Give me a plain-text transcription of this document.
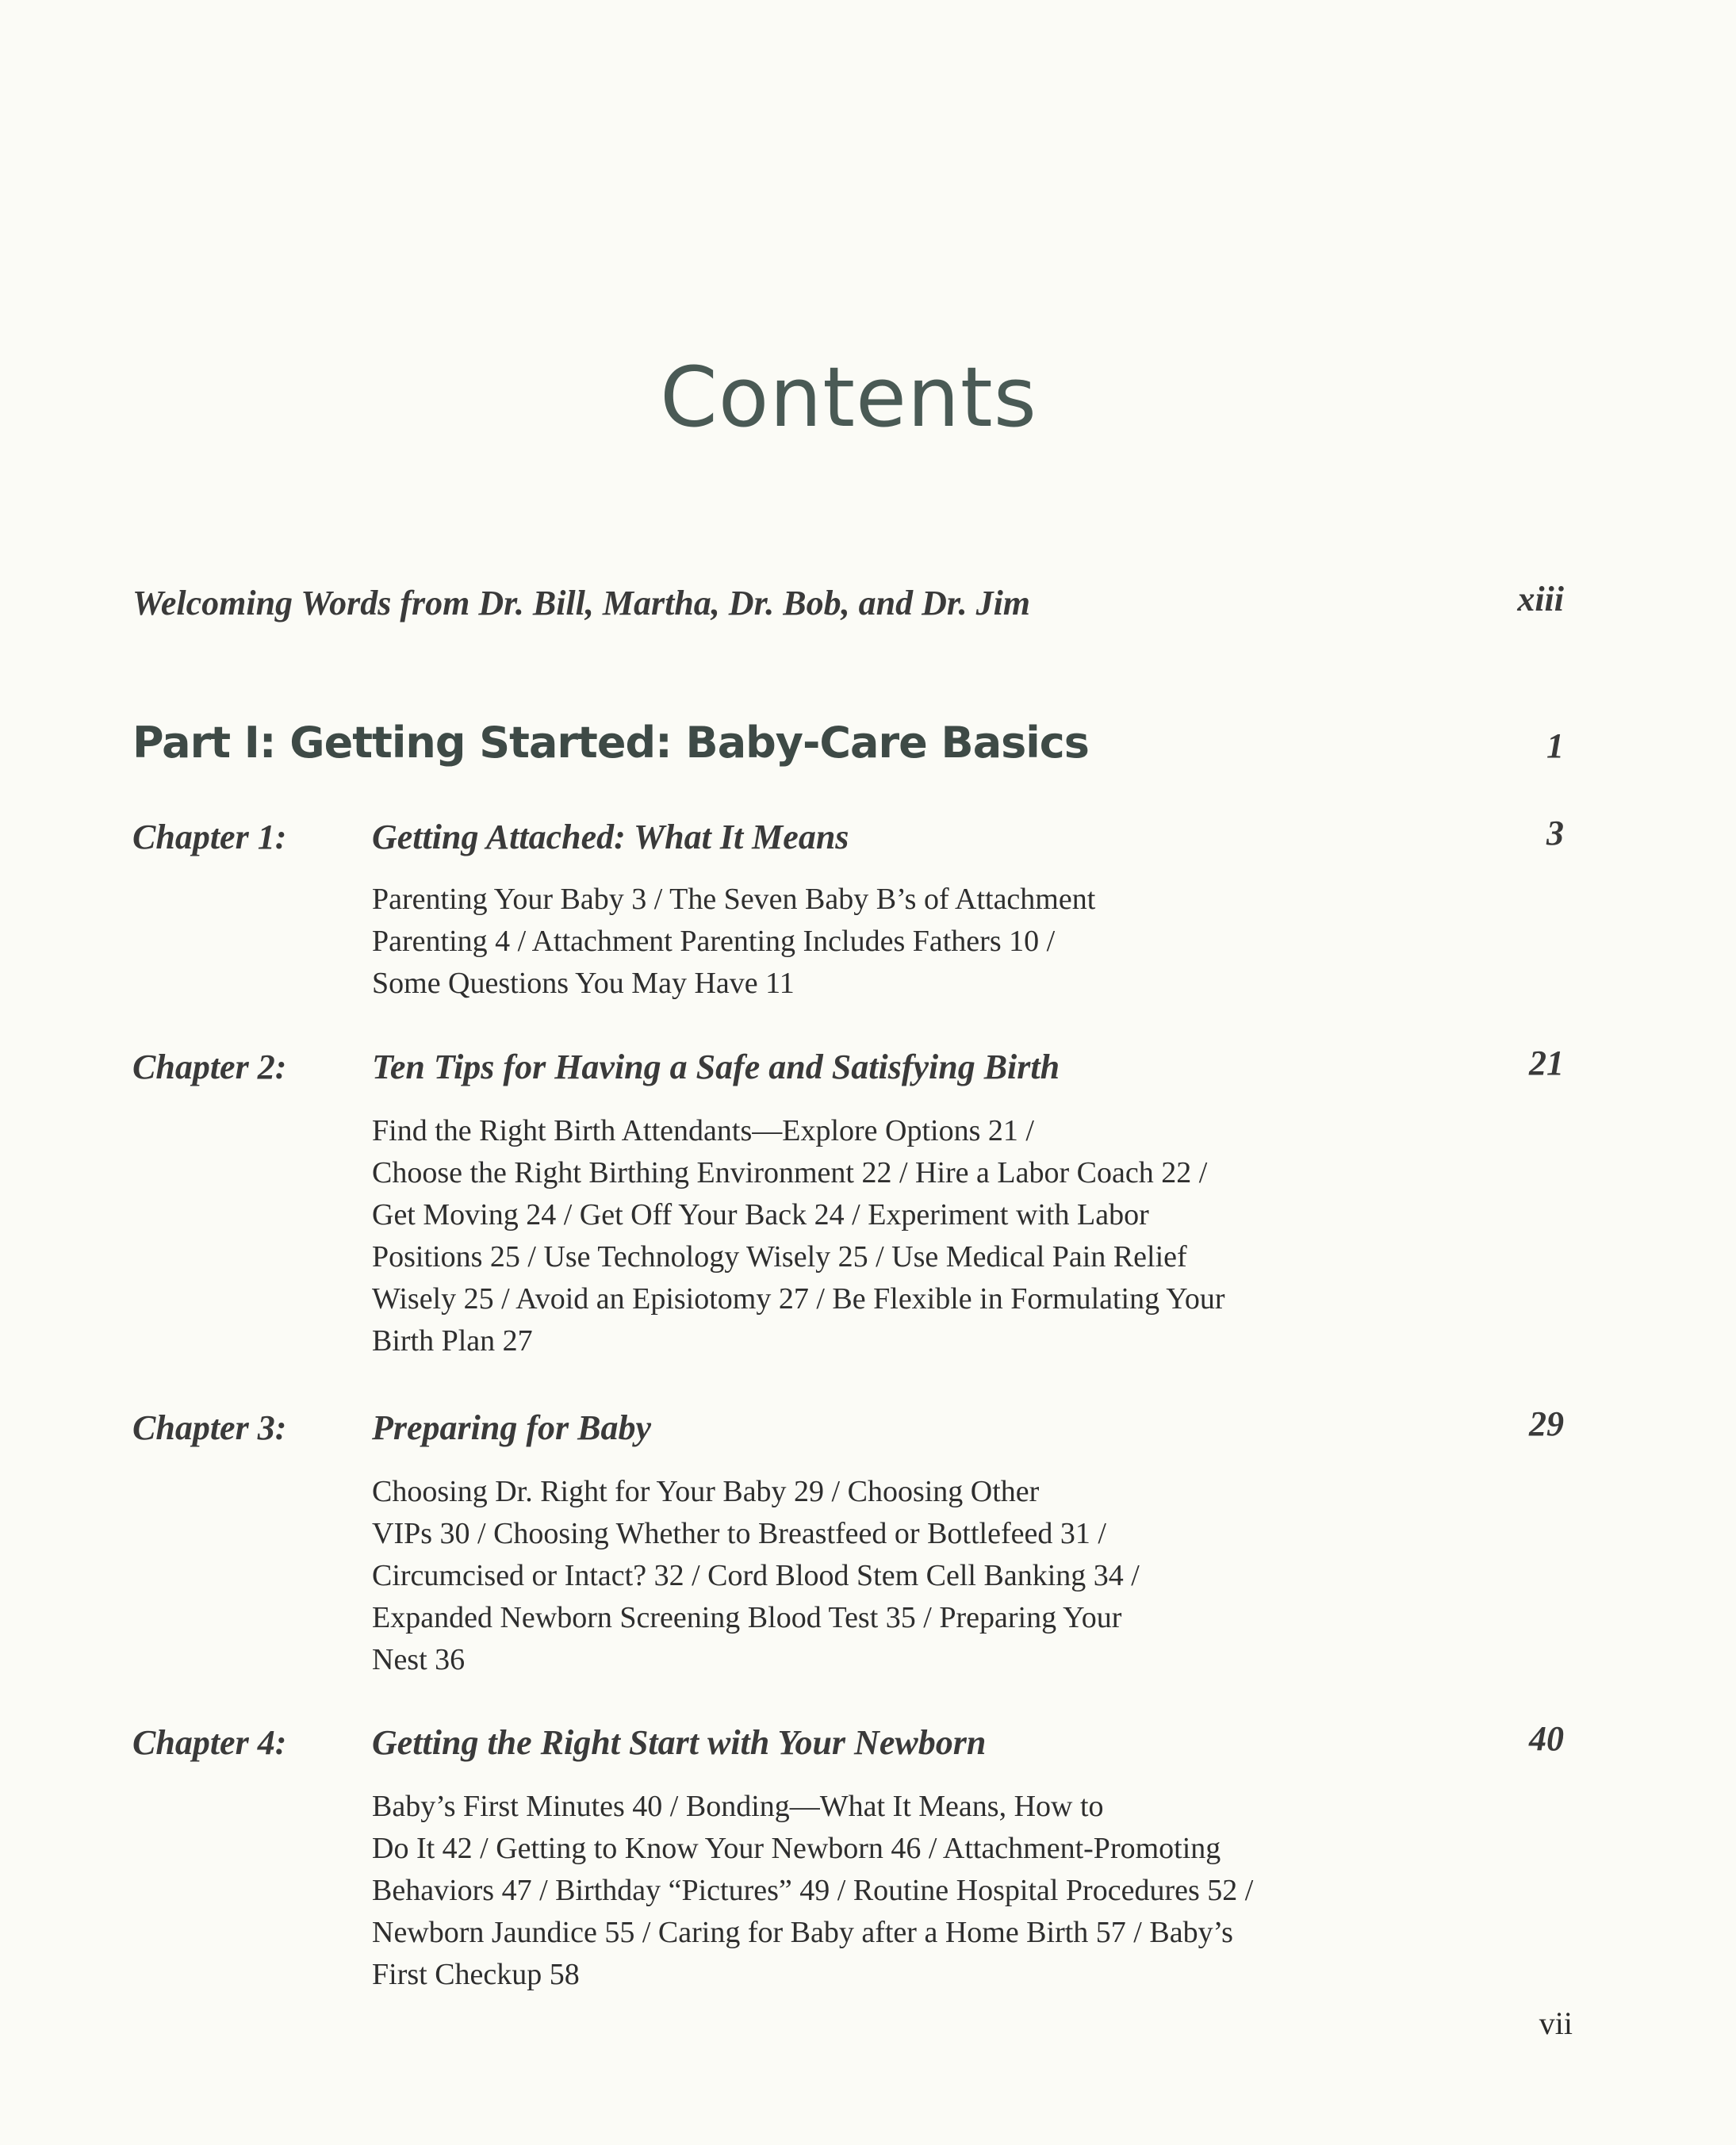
Contents
Welcoming Words from Dr. Bill, Martha, Dr. Bob, and Dr. Jim	xiii
Part I: Getting Started: Baby-Care Basics	1
Chapter 1: Getting Attached: What It Means	3
Parenting Your Baby 3 / The Seven Baby B’s of Attachment
Parenting 4 / Attachment Parenting Includes Fathers 10 /
Some Questions You May Have 11
Chapter 2: Ten Tips for Having a Safe and Satisfying Birth	21
Find the Right Birth Attendants—Explore Options 21 /
Choose the Right Birthing Environment 22 / Hire a Labor Coach 22 /
Get Moving 24 / Get Off Your Back 24 / Experiment with Labor
Positions 25 / Use Technology Wisely 25 / Use Medical Pain Relief
Wisely 25 / Avoid an Episiotomy 27 / Be Flexible in Formulating Your
Birth Plan 27
Chapter 3: Preparing for Baby	29
Choosing Dr. Right for Your Baby 29 / Choosing Other
VIPs 30 / Choosing Whether to Breastfeed or Bottlefeed 31 /
Circumcised or Intact? 32 / Cord Blood Stem Cell Banking 34 /
Expanded Newborn Screening Blood Test 35 / Preparing Your
Nest 36
Chapter 4: Getting the Right Start with Your Newborn	40
Baby’s First Minutes 40 / Bonding—What It Means, How to
Do It 42 / Getting to Know Your Newborn 46 / Attachment-Promoting
Behaviors 47 / Birthday “Pictures” 49 / Routine Hospital Procedures 52 /
Newborn Jaundice 55 / Caring for Baby after a Home Birth 57 / Baby’s
First Checkup 58
vii
